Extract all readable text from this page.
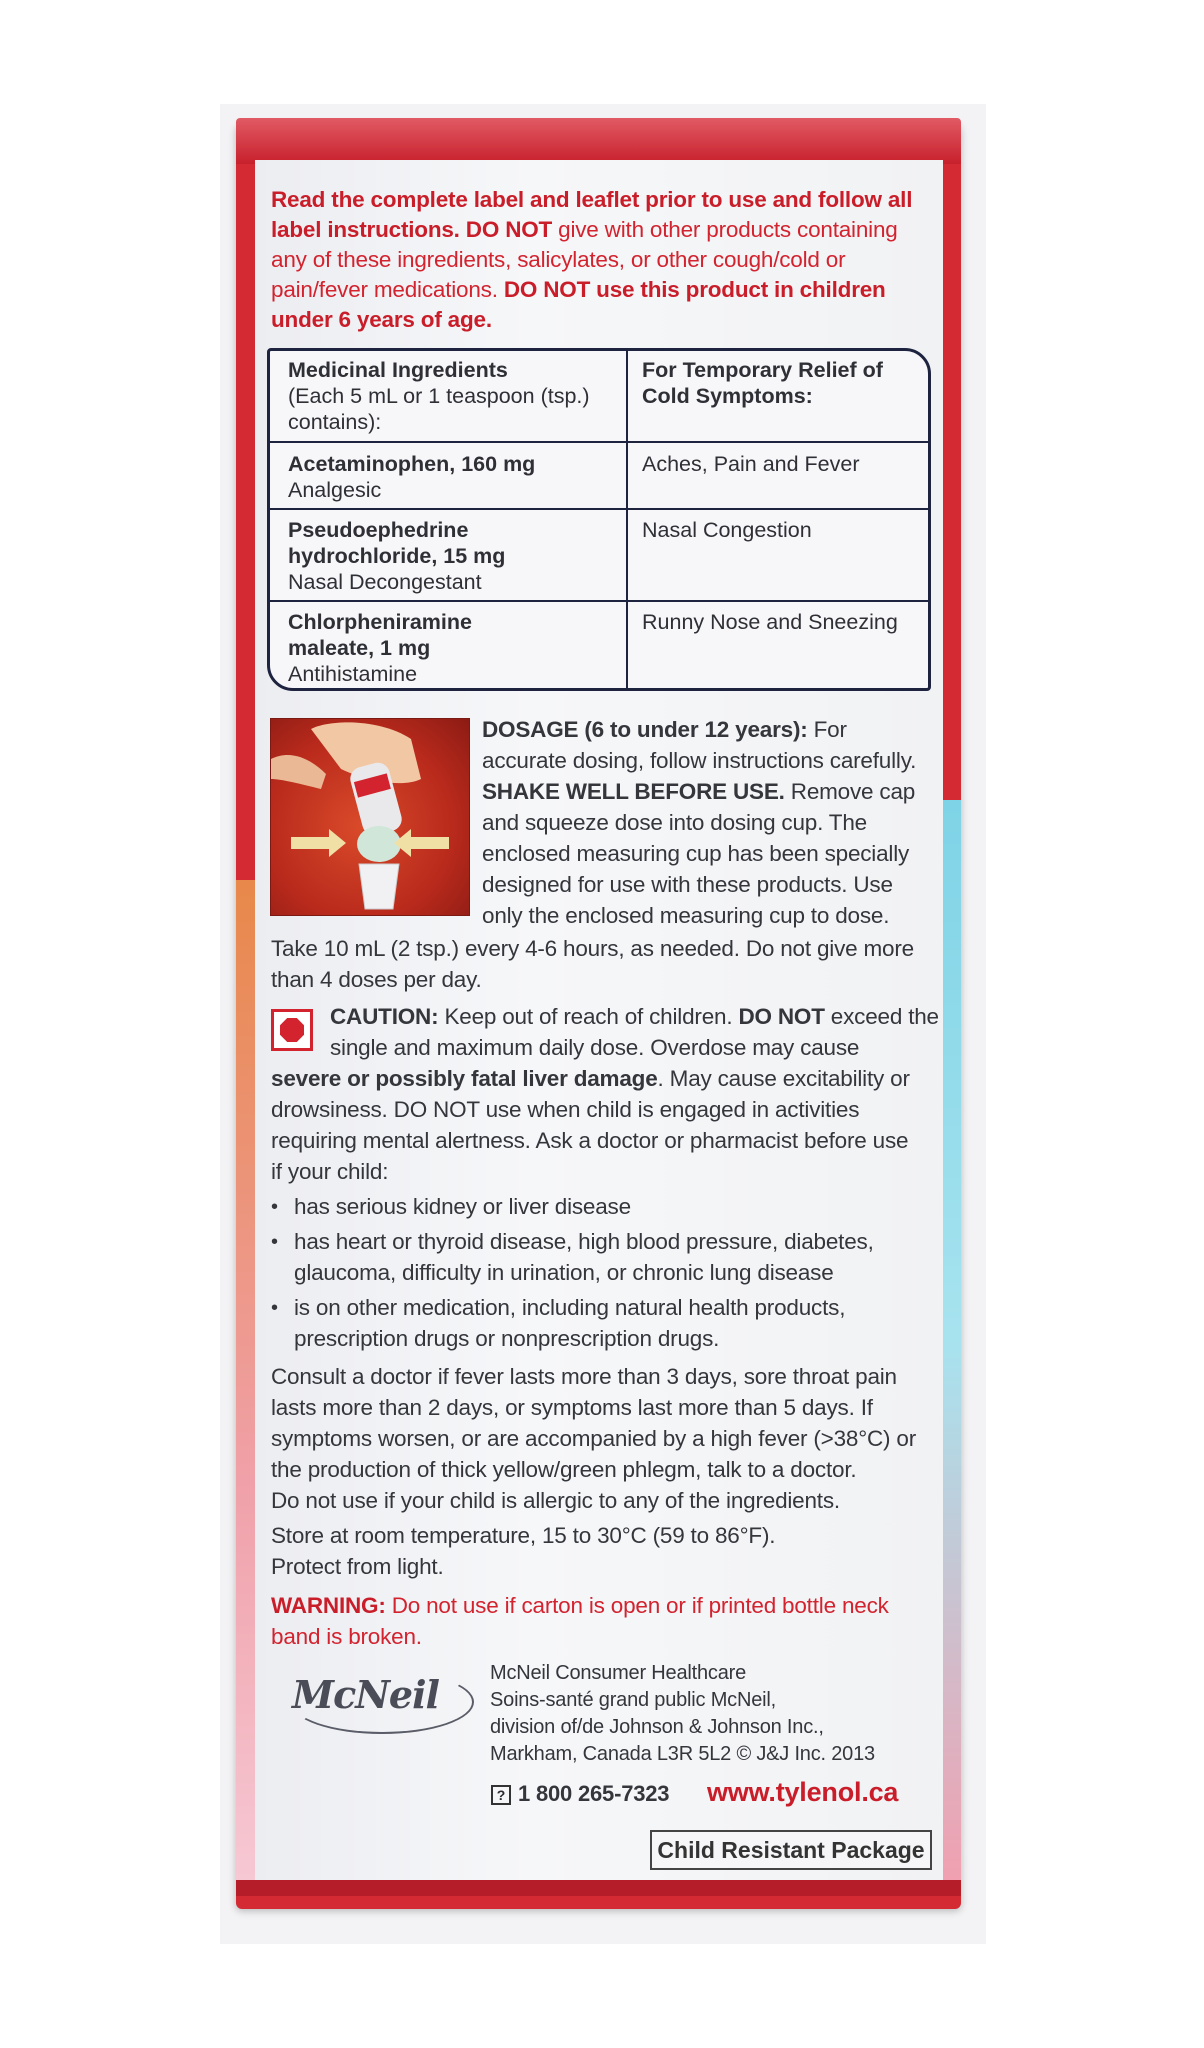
Read the complete label and leaflet prior to use and follow all
label instructions. DO NOT give with other products containing
any of these ingredients, salicylates, or other cough/cold or
pain/fever medications. DO NOT use this product in children
under 6 years of age.
Medicinal Ingredients
(Each 5 mL or 1 teaspoon (tsp.)
contains):
For Temporary Relief of
Cold Symptoms:
Acetaminophen, 160 mg
Analgesic
Aches, Pain and Fever
Pseudoephedrine
hydrochloride, 15 mg
Nasal Decongestant
Nasal Congestion
Chlorpheniramine
maleate, 1 mg
Antihistamine
Runny Nose and Sneezing
DOSAGE (6 to under 12 years): For
accurate dosing, follow instructions carefully.
SHAKE WELL BEFORE USE. Remove cap
and squeeze dose into dosing cup. The
enclosed measuring cup has been specially
designed for use with these products. Use
only the enclosed measuring cup to dose.
Take 10 mL (2 tsp.) every 4-6 hours, as needed. Do not give more
than 4 doses per day.
CAUTION: Keep out of reach of children. DO NOT exceed the
single and maximum daily dose. Overdose may cause
severe or possibly fatal liver damage. May cause excitability or
drowsiness. DO NOT use when child is engaged in activities
requiring mental alertness. Ask a doctor or pharmacist before use
if your child:
• has serious kidney or liver disease
• has heart or thyroid disease, high blood pressure, diabetes,
glaucoma, difficulty in urination, or chronic lung disease
• is on other medication, including natural health products,
prescription drugs or nonprescription drugs.
Consult a doctor if fever lasts more than 3 days, sore throat pain
lasts more than 2 days, or symptoms last more than 5 days. If
symptoms worsen, or are accompanied by a high fever (>38°C) or
the production of thick yellow/green phlegm, talk to a doctor.
Do not use if your child is allergic to any of the ingredients.
Store at room temperature, 15 to 30°C (59 to 86°F).
Protect from light.
WARNING: Do not use if carton is open or if printed bottle neck
band is broken.
McNeil	McNeil Consumer Healthcare
Soins-santé grand public McNeil,
division of/de Johnson & Johnson Inc.,
Markham, Canada L3R 5L2 © J&J Inc. 2013
? 1 800 265-7323 www.tylenol.ca
Child Resistant Package
